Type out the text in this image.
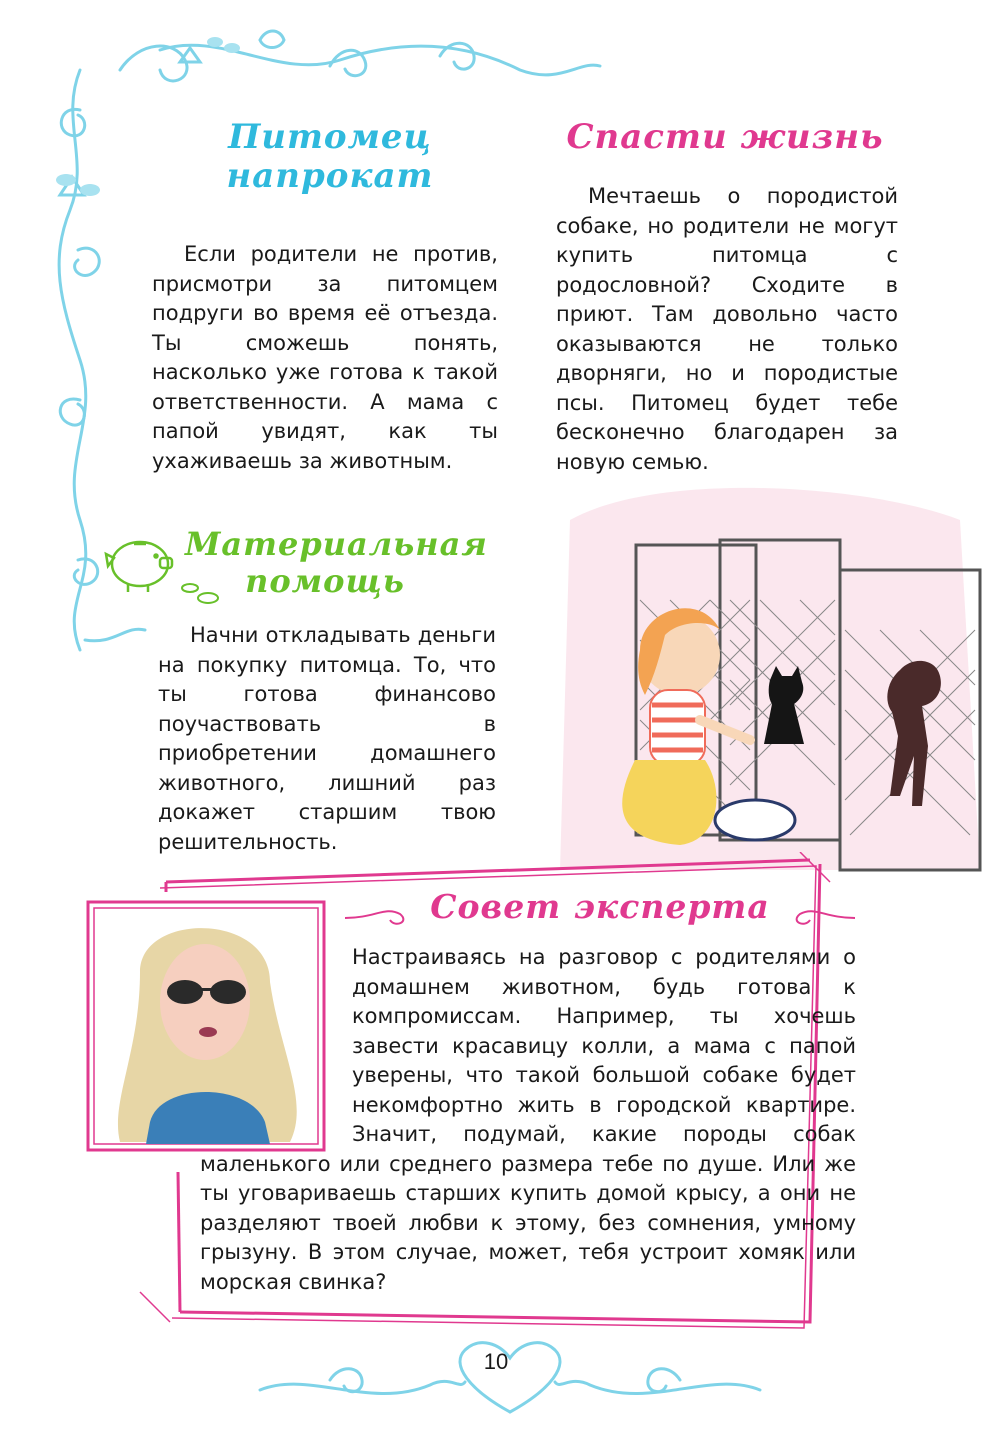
Питомец
напрокат

Если родители не против, присмотри за питомцем подруги во время её отъезда. Ты сможешь понять, насколько уже готова к такой ответственности. А мама с папой увидят, как ты ухаживаешь за животным.

Спасти жизнь

Мечтаешь о породистой собаке, но родители не могут купить питомца с родословной? Сходите в приют. Там довольно часто оказываются не только дворняги, но и породистые псы. Питомец будет тебе бесконечно благодарен за новую семью.

Материальная
помощь

Начни откладывать деньги на покупку питомца. То, что ты готова финансово поучаствовать в приобретении домашнего животного, лишний раз докажет старшим твою решительность.

Совет эксперта

Настраиваясь на разговор с родителями о домашнем животном, будь готова к компромиссам. Например, ты хочешь завести красавицу колли, а мама с папой уверены, что такой большой собаке будет некомфортно жить в городской квартире. Значит, подумай, какие породы собак маленького или среднего размера тебе по душе. Или же ты уговариваешь старших купить домой крысу, а они не разделяют твоей любви к этому, без сомнения, умному грызуну. В этом случае, может, тебя устроит хомяк или морская свинка?

10
